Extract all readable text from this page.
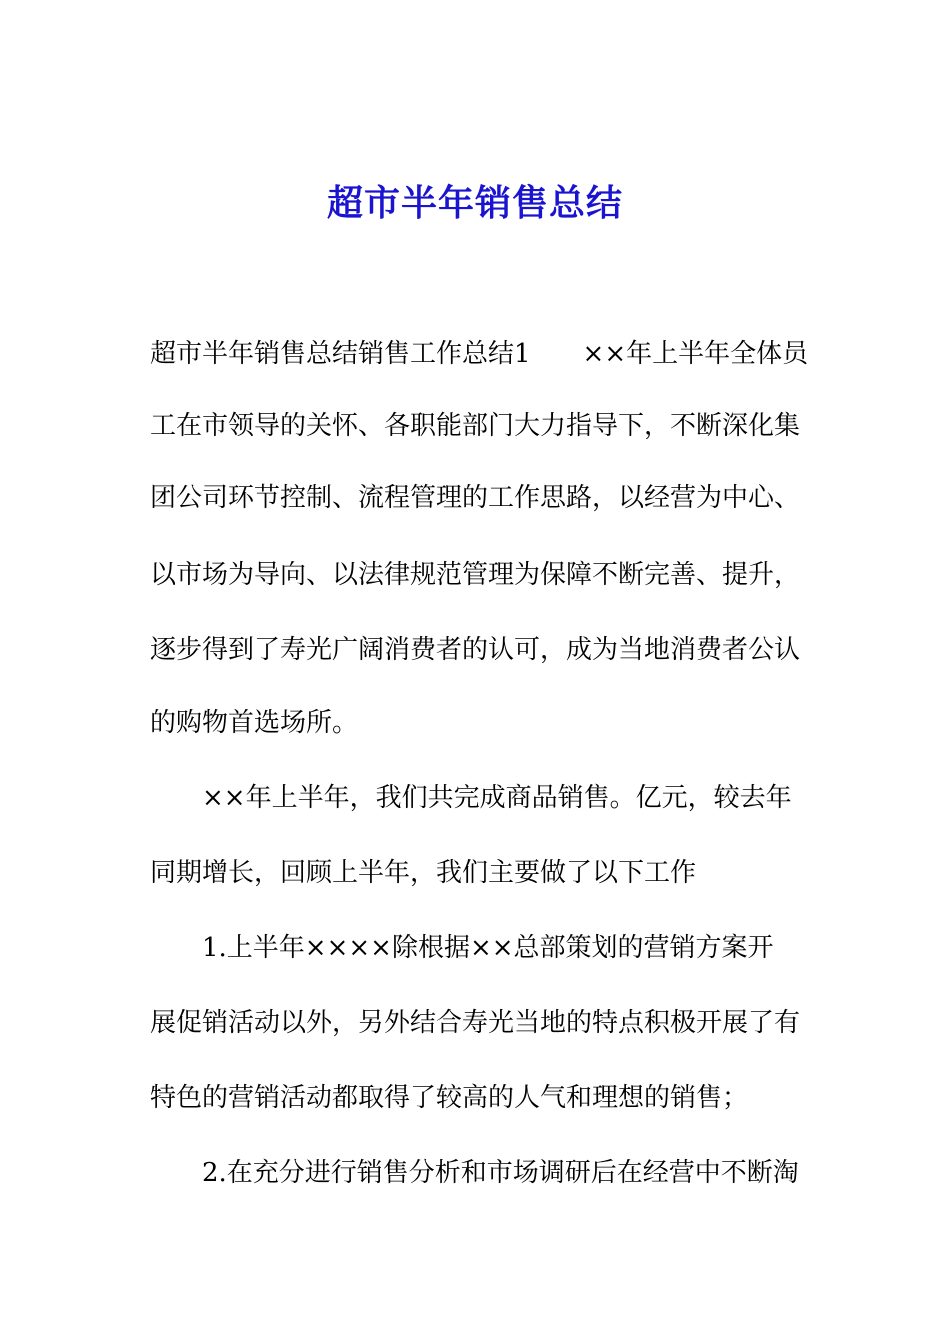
超市半年销售总结
超市半年销售总结销售工作总结1　　××年上半年全体员
工在市领导的关怀、各职能部门大力指导下，不断深化集
团公司环节控制、流程管理的工作思路，以经营为中心、
以市场为导向、以法律规范管理为保障不断完善、提升，
逐步得到了寿光广阔消费者的认可，成为当地消费者公认
的购物首选场所。
　　××年上半年，我们共完成商品销售。亿元，较去年
同期增长，回顾上半年，我们主要做了以下工作
　　1.上半年××××除根据××总部策划的营销方案开
展促销活动以外，另外结合寿光当地的特点积极开展了有
特色的营销活动都取得了较高的人气和理想的销售；
　　2.在充分进行销售分析和市场调研后在经营中不断淘
